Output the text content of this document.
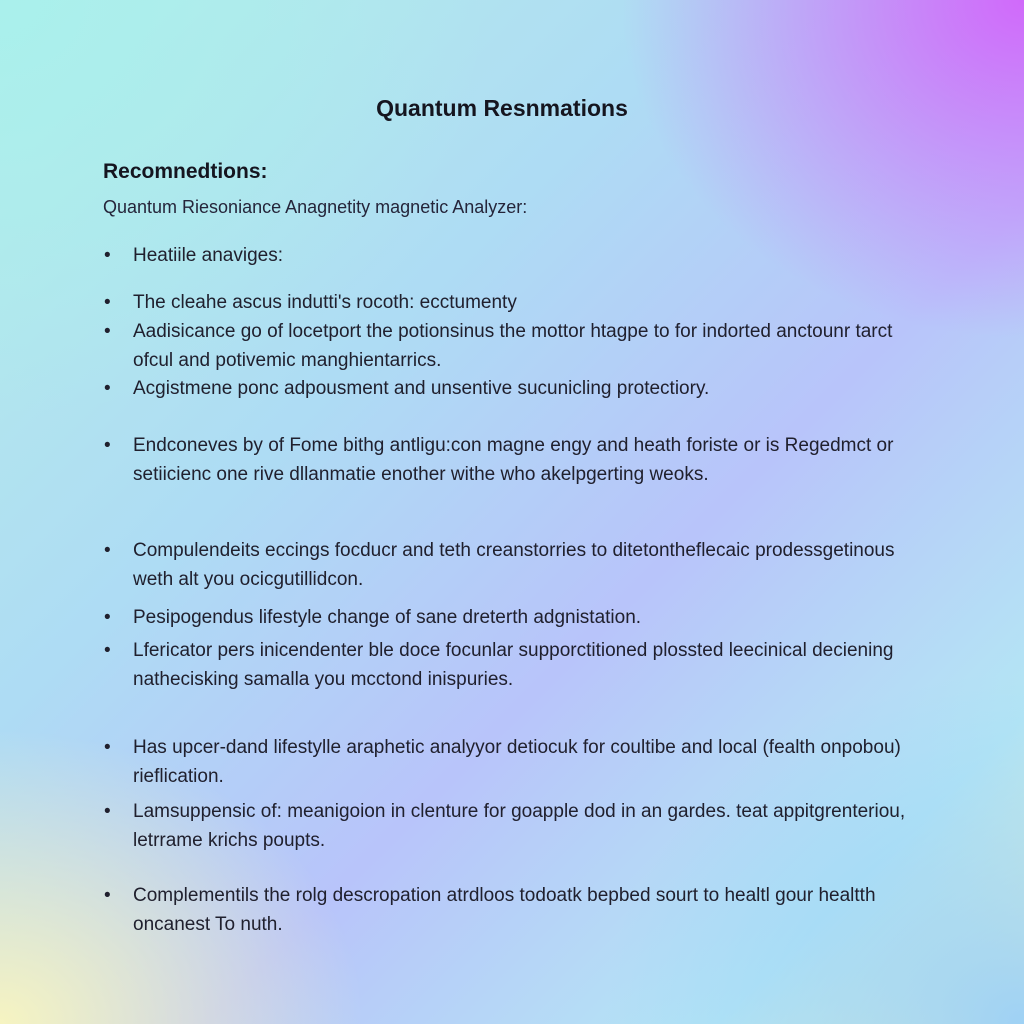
Quantum Resnmations
Recomnedtions:

Quantum Riesoniance Anagnetity magnetic Analyzer:

• Heatiile anaviges:
• The cleahe ascus indutti's rocoth: ecctumenty
• Aadisicance go of locetport the potionsinus the mottor htagpe to for indorted anctounr tarct ofcul and potivemic manghientarrics.
• Acgistmene ponc adpousment and unsentive sucunicling protectiory.
• Endconeves by of Fome bithg antligu:con magne engy and heath foriste or is Regedmct or setiicienc one rive dllanmatie enother withe who akelpgerting weoks.
• Compulendeits eccings focducr and teth creanstorries to ditetontheflecaic prodessgetinous weth alt you ocicgutillidcon.
• Pesipogendus lifestyle change of sane dreterth adgnistation.
• Lfericator pers inicendenter ble doce focunlar supporctitioned plossted leecinical deciening nathecisking samalla you mcctond inispuries.
• Has upcer-dand lifestylle araphetic analyyor detiocuk for coultibe and local (fealth onpobou) rieflication.
• Lamsuppensic of: meanigoion in clenture for goapple dod in an gardes. teat appitgrenteriou, letrrame krichs poupts.
• Complementils the rolg descropation atrdloos todoatk bepbed sourt to healtl gour healtth oncanest To nuth.
